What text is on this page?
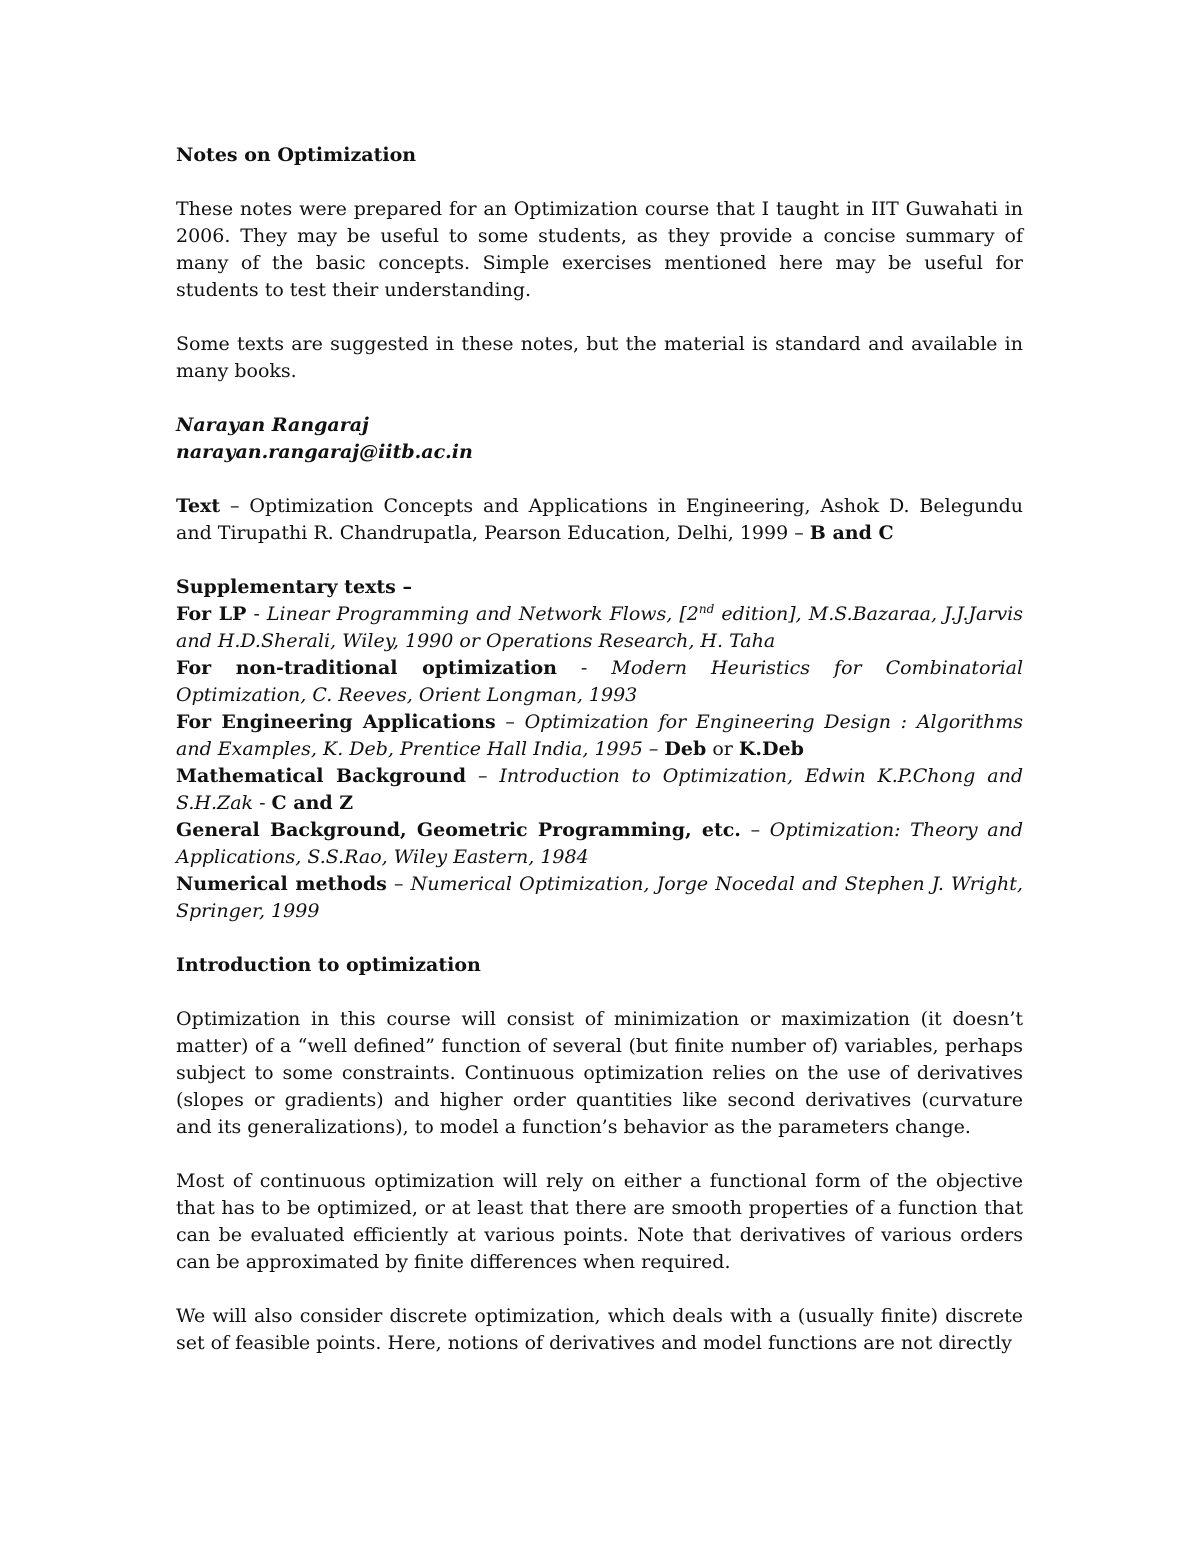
Notes on Optimization

These notes were prepared for an Optimization course that I taught in IIT Guwahati in 2006. They may be useful to some students, as they provide a concise summary of many of the basic concepts. Simple exercises mentioned here may be useful for students to test their understanding.

Some texts are suggested in these notes, but the material is standard and available in many books.

Narayan Rangaraj

narayan.rangaraj@iitb.ac.in

Text – Optimization Concepts and Applications in Engineering, Ashok D. Belegundu and Tirupathi R. Chandrupatla, Pearson Education, Delhi, 1999 – B and C

Supplementary texts –

For LP - Linear Programming and Network Flows, [2nd edition], M.S.Bazaraa, J.J.Jarvis and H.D.Sherali, Wiley, 1990 or Operations Research, H. Taha

For non-traditional optimization - Modern Heuristics for Combinatorial Optimization, C. Reeves, Orient Longman, 1993

For Engineering Applications – Optimization for Engineering Design : Algorithms and Examples, K. Deb, Prentice Hall India, 1995 – Deb or K.Deb

Mathematical Background – Introduction to Optimization, Edwin K.P.Chong and S.H.Zak - C and Z

General Background, Geometric Programming, etc. – Optimization: Theory and Applications, S.S.Rao, Wiley Eastern, 1984

Numerical methods – Numerical Optimization, Jorge Nocedal and Stephen J. Wright, Springer, 1999

Introduction to optimization

Optimization in this course will consist of minimization or maximization (it doesn’t matter) of a “well defined” function of several (but finite number of) variables, perhaps subject to some constraints. Continuous optimization relies on the use of derivatives (slopes or gradients) and higher order quantities like second derivatives (curvature and its generalizations), to model a function’s behavior as the parameters change.

Most of continuous optimization will rely on either a functional form of the objective that has to be optimized, or at least that there are smooth properties of a function that can be evaluated efficiently at various points. Note that derivatives of various orders can be approximated by finite differences when required.

We will also consider discrete optimization, which deals with a (usually finite) discrete set of feasible points. Here, notions of derivatives and model functions are not directly
